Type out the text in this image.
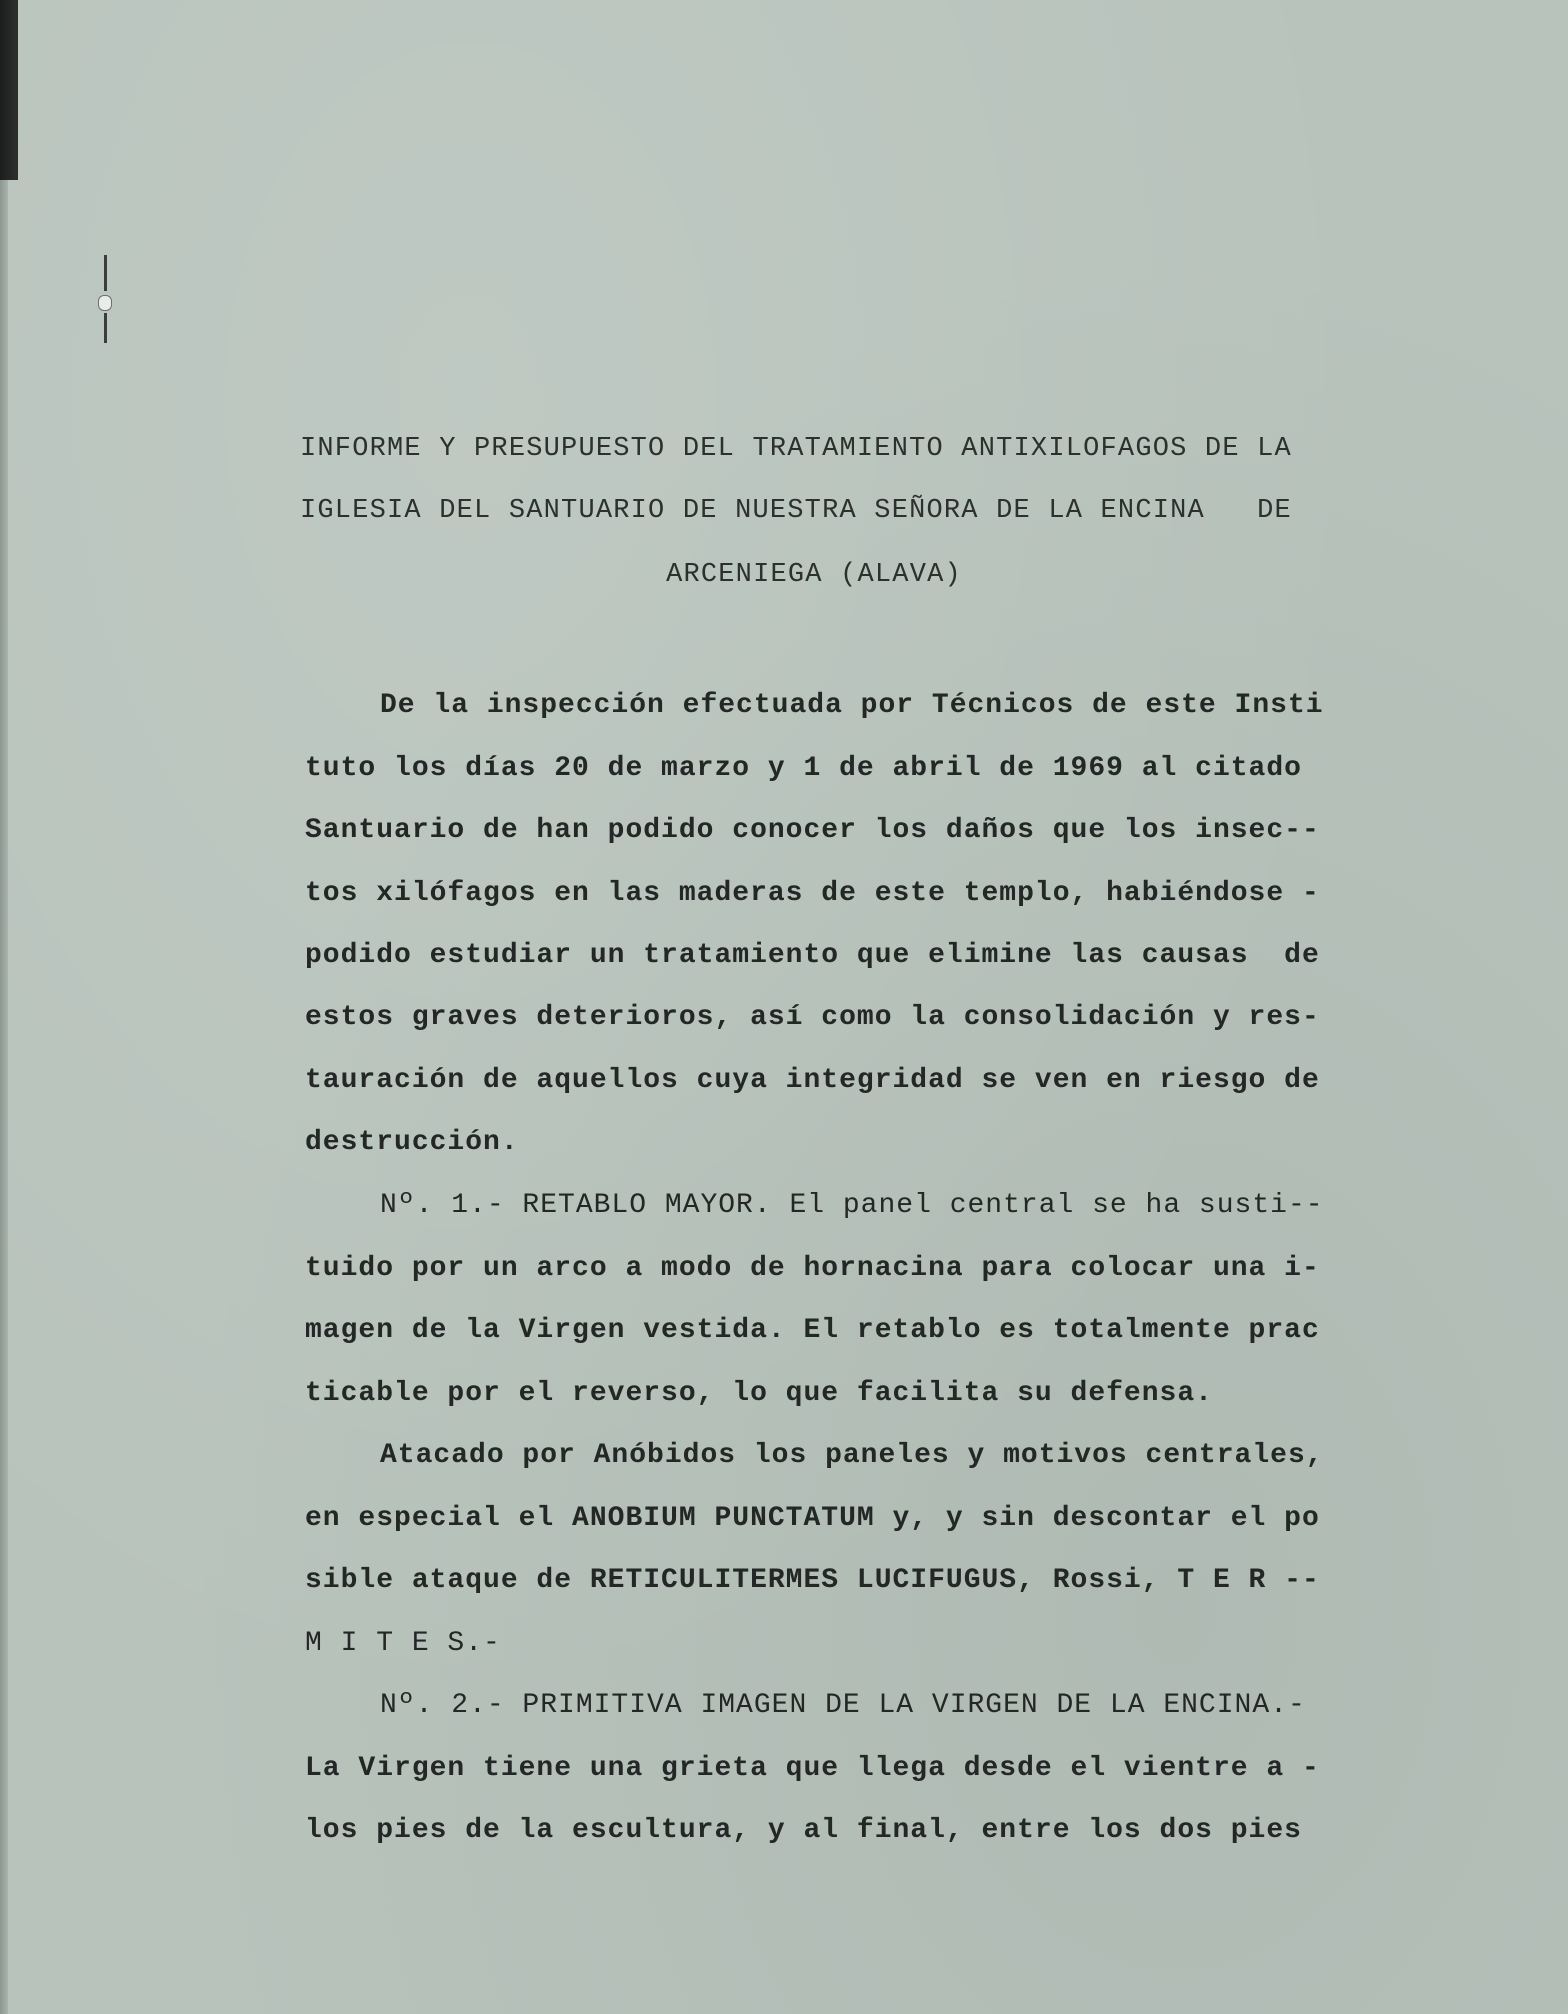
INFORME Y PRESUPUESTO DEL TRATAMIENTO ANTIXILOFAGOS DE LA
IGLESIA DEL SANTUARIO DE NUESTRA SEÑORA DE LA ENCINA   DE
ARCENIEGA (ALAVA)
De la inspección efectuada por Técnicos de este Insti
tuto los días 20 de marzo y 1 de abril de 1969 al citado
Santuario de han podido conocer los daños que los insec--
tos xilófagos en las maderas de este templo, habiéndose -
podido estudiar un tratamiento que elimine las causas  de
estos graves deterioros, así como la consolidación y res-
tauración de aquellos cuya integridad se ven en riesgo de
destrucción.
Nº. 1.- RETABLO MAYOR. El panel central se ha susti--
tuido por un arco a modo de hornacina para colocar una i-
magen de la Virgen vestida. El retablo es totalmente prac
ticable por el reverso, lo que facilita su defensa.
Atacado por Anóbidos los paneles y motivos centrales,
en especial el ANOBIUM PUNCTATUM y, y sin descontar el po
sible ataque de RETICULITERMES LUCIFUGUS, Rossi, T E R --
M I T E S.-
Nº. 2.- PRIMITIVA IMAGEN DE LA VIRGEN DE LA ENCINA.-
La Virgen tiene una grieta que llega desde el vientre a -
los pies de la escultura, y al final, entre los dos pies
